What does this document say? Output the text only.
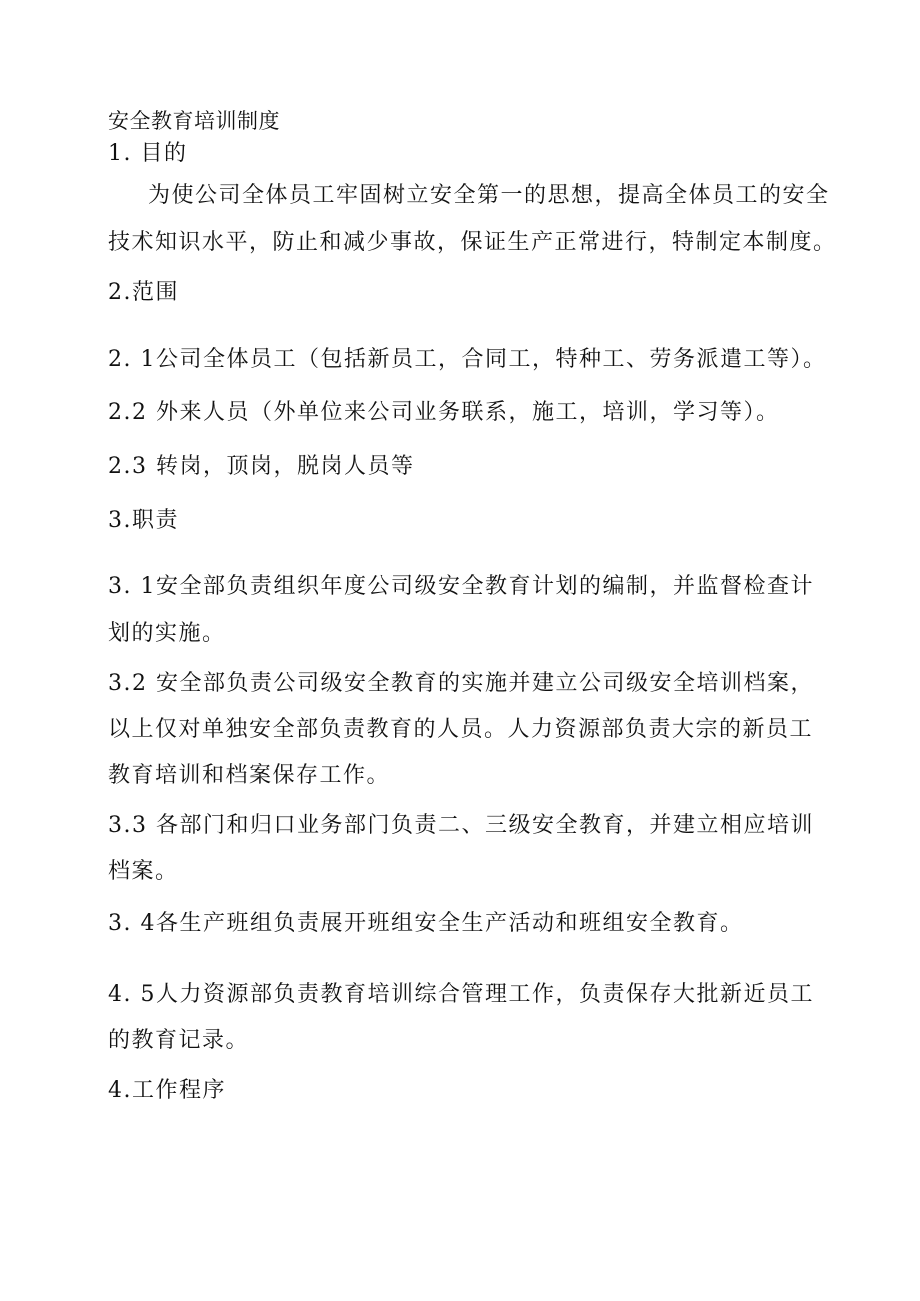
安全教育培训制度
1. 目的
为使公司全体员工牢固树立安全第一的思想，提高全体员工的安全
技术知识水平，防止和减少事故，保证生产正常进行，特制定本制度。
2.范围
2. 1公司全体员工（包括新员工，合同工，特种工、劳务派遣工等）。
2.2 外来人员（外单位来公司业务联系，施工，培训，学习等）。
2.3 转岗，顶岗，脱岗人员等
3.职责
3. 1安全部负责组织年度公司级安全教育计划的编制，并监督检查计
划的实施。
3.2 安全部负责公司级安全教育的实施并建立公司级安全培训档案，
以上仅对单独安全部负责教育的人员。人力资源部负责大宗的新员工
教育培训和档案保存工作。
3.3 各部门和归口业务部门负责二、三级安全教育，并建立相应培训
档案。
3. 4各生产班组负责展开班组安全生产活动和班组安全教育。
4. 5人力资源部负责教育培训综合管理工作，负责保存大批新近员工
的教育记录。
4.工作程序
